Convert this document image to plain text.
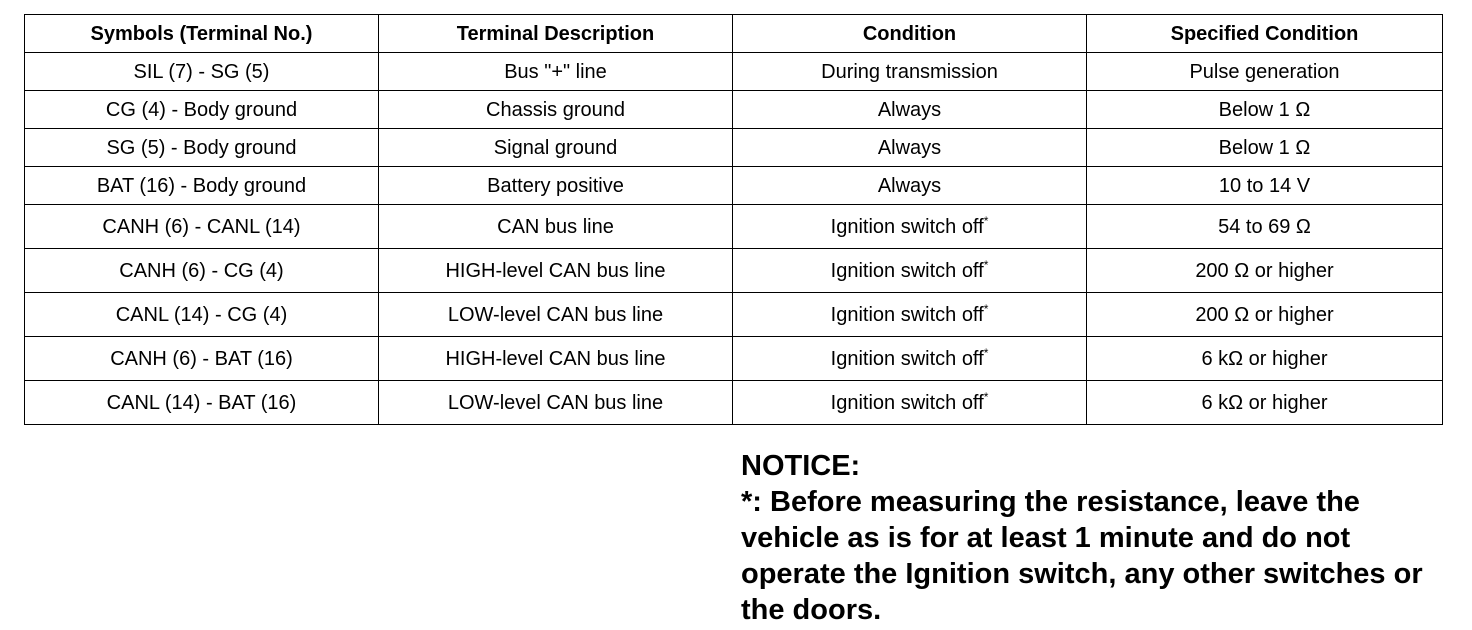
Symbols (Terminal No.)	Terminal Description	Condition	Specified Condition
SIL (7) - SG (5)	Bus "+" line	During transmission	Pulse generation
CG (4) - Body ground	Chassis ground	Always	Below 1 Ω
SG (5) - Body ground	Signal ground	Always	Below 1 Ω
BAT (16) - Body ground	Battery positive	Always	10 to 14 V
CANH (6) - CANL (14)	CAN bus line	Ignition switch off*	54 to 69 Ω
CANH (6) - CG (4)	HIGH-level CAN bus line	Ignition switch off*	200 Ω or higher
CANL (14) - CG (4)	LOW-level CAN bus line	Ignition switch off*	200 Ω or higher
CANH (6) - BAT (16)	HIGH-level CAN bus line	Ignition switch off*	6 kΩ or higher
CANL (14) - BAT (16)	LOW-level CAN bus line	Ignition switch off*	6 kΩ or higher
NOTICE:
*: Before measuring the resistance, leave the vehicle as is for at least 1 minute and do not operate the Ignition switch, any other switches or the doors.
